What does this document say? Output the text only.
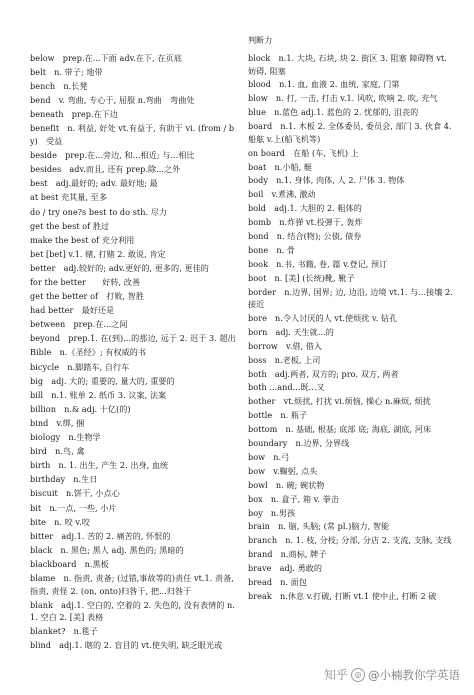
判断力
below　prep.在...下面 adv.在下, 在页底
belt　n. 带子; 地带
bench　n.长凳
bend　v. 弯曲, 专心于, 屈服 n.弯曲　弯曲处
beneath　prep.在下边
benefit　n. 利益, 好处 vt.有益于, 有助于 vi. (from / by)　受益
beside　prep.在...旁边, 和...相近; 与...相比
besides　adv.而且, 还有 prep.除...之外
best　adj.最好的; adv. 最好地; 最
at best 充其量, 至多
do / try one?s best to do sth. 尽力
get the best of 胜过
make the best of 充分利用
bet [bet] v.1. 赌, 打赌 2. 敢说, 肯定
better　adj.较好的; adv.更好的, 更多的, 更佳的
for the better　　好转, 改善
get the better of　打败, 智胜
had better　最好还是
between　prep.在...之间
beyond　prep.1. 在(到)...的那边, 远于 2. 迟于 3. 超出
Bible　n.《圣经》; 有权威的书
bicycle　n.脚踏车, 自行车
big　adj. 大的; 重要的, 量大的, 重要的
bill　n.1. 账单 2. 纸币 3. 议案, 法案
billion　n.& adj. 十亿(的)
bind　v.绑, 捆
biology　n.生物学
bird　n.鸟, 禽
birth　n. 1. 出生, 产生 2. 出身, 血统
birthday　n.生日
biscuit　n.饼干, 小点心
bit　n.一点, 一些, 小片
bite　n. 咬 v.咬
bitter　adj.1. 苦的 2. 痛苦的, 怀恨的
black　n. 黑色; 黑人 adj. 黑色的; 黑暗的
blackboard　n.黑板
blame　n. 指责, 责备; (过错,事故等的)责任 vt.1. 责备, 指责, 责怪 2. (on, onto)归咎于, 把...归咎于
blank　adj.1. 空白的, 空着的 2. 失色的, 没有表情的 n.1. 空白 2. [美] 表格
blanket?　n.毯子
blind　adj.1. 瞎的 2. 盲目的 vt.使失明, 缺乏眼光或
block　n.1. 大块, 石块, 块 2. 街区 3. 阻塞 障碍物 vt.妨碍, 阻塞
blood　n.1. 血, 血液 2. 血统, 家庭, 门第
blow　n. 打, 一击, 打击 v.1. 风吹, 吹响 2. 吹, 充气
blue　n.蓝色 adj.1. 蓝色的 2. 忧郁的, 沮丧的
board　n.1. 木板 2. 全体委员, 委员会, 部门 3. 伙食 4. 船舷 v.上(船飞机等)
on board　在船 (车, 飞机) 上
boat　n.小船, 艇
body　n.1. 身体, 肉体, 人 2. 尸体 3. 物体
boil　v.煮沸, 激动
bold　adj.1. 大胆的 2. 粗体的
bomb　n.炸弹 vt.投弹于, 轰炸
bond　n. 结合(物); 公债, 债券
bone　n. 骨
book　n.书, 书籍, 卷, 篇 v.登记, 预订
boot　n. [美] (长统)靴, 靴子
border　n.边界, 国界; 边, 边沿, 边境 vt.1. 与...接壤 2. 接近
bore　n.令人讨厌的人 vt.使烦扰 v. 钻孔
born　adj. 天生就...的
borrow　v.借, 借入
boss　n.老板, 上司
both　adj.两者, 双方的; pro. 双方, 两者
both ...and...既...又
bother　vt.烦扰, 打扰 vi.烦恼, 操心 n.麻烦, 烦扰
bottle　n. 瓶子
bottom　n. 基础, 根基; 底部 底; 海底, 湖底, 河床
boundary　n.边界, 分界线
bow　n.弓
bow　v.鞠躬, 点头
bowl　n. 碗; 碗状物
box　n. 盒子, 箱 v. 拳击
boy　n.男孩
brain　n. 脑, 头脑; (常 pl.)脑力, 智能
branch　n. 1. 枝, 分枝; 分部, 分店 2. 支流, 支脉, 支线
brand　n.商标, 牌子
brave　adj. 勇敢的
bread　n. 面包
break　n.休息 v.打破, 打断 vt.1 使中止, 打断 2 破
知乎 ◎ @小楠教你学英语
